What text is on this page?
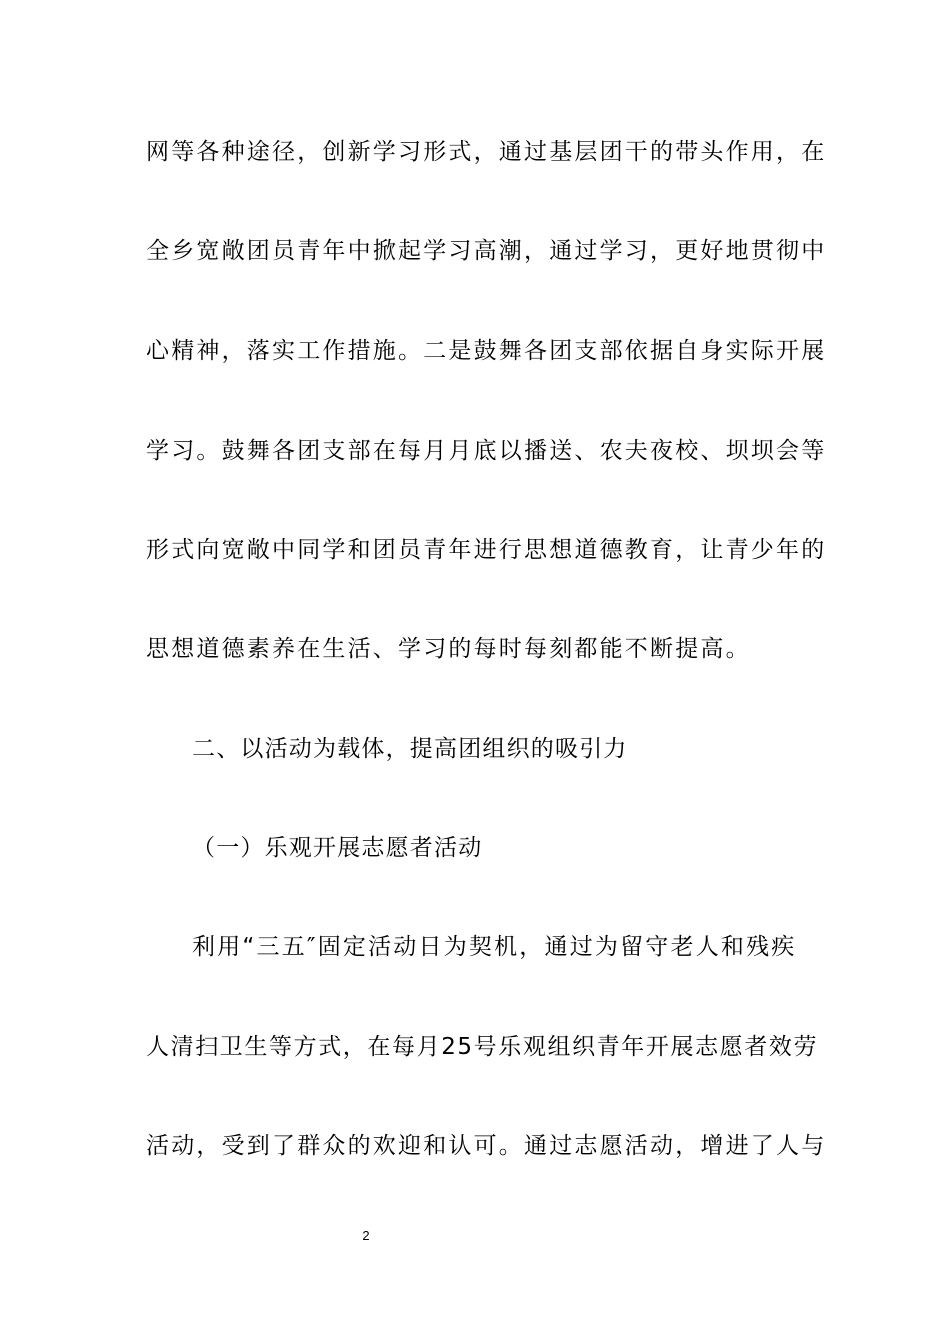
网等各种途径，创新学习形式，通过基层团干的带头作用，在
全乡宽敞团员青年中掀起学习高潮，通过学习，更好地贯彻中
心精神，落实工作措施。二是鼓舞各团支部依据自身实际开展
学习。鼓舞各团支部在每月月底以播送、农夫夜校、坝坝会等
形式向宽敞中同学和团员青年进行思想道德教育，让青少年的
思想道德素养在生活、学习的每时每刻都能不断提高。
二、以活动为载体，提高团组织的吸引力
（一）乐观开展志愿者活动
利用“三五″固定活动日为契机，通过为留守老人和残疾
人清扫卫生等方式，在每月25号乐观组织青年开展志愿者效劳
活动，受到了群众的欢迎和认可。通过志愿活动，增进了人与
2
